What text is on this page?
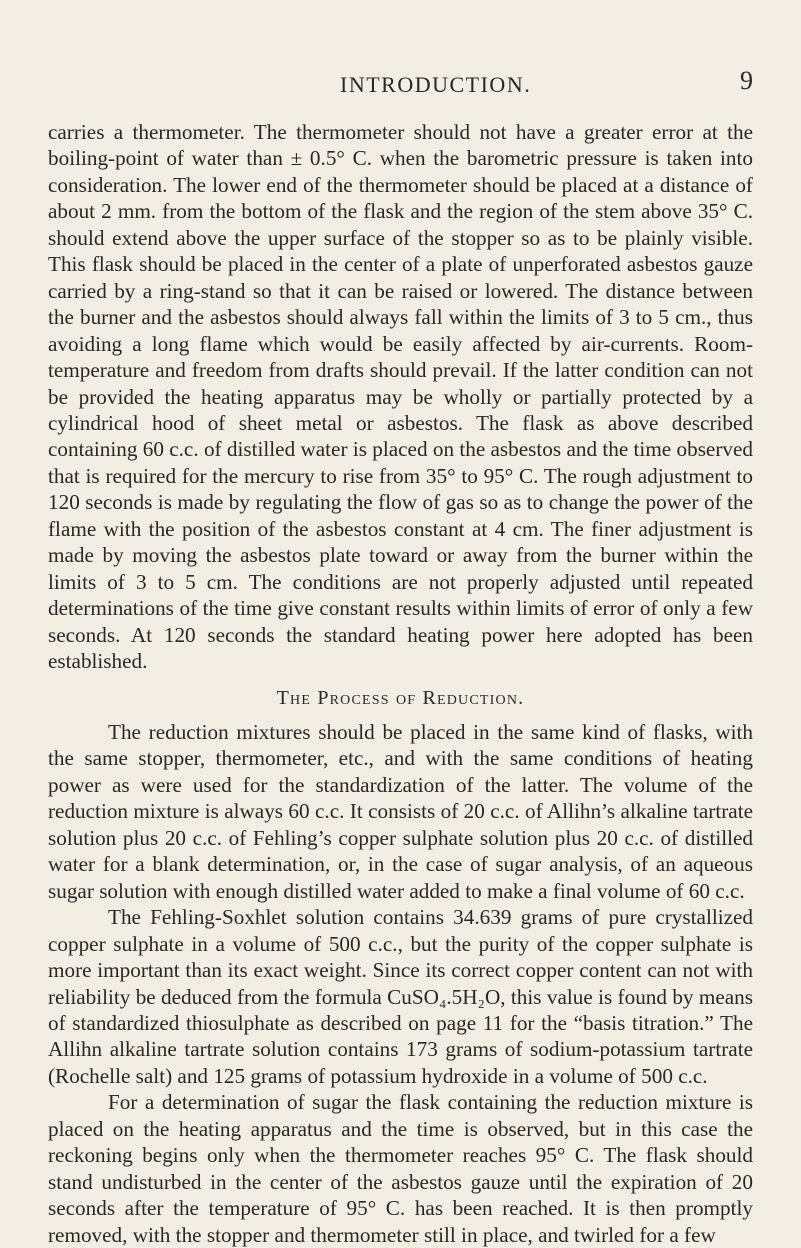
INTRODUCTION.	9

carries a thermometer. The thermometer should not have a greater error at the boiling-point of water than ± 0.5° C. when the barometric pressure is taken into consideration. The lower end of the thermometer should be placed at a distance of about 2 mm. from the bottom of the flask and the region of the stem above 35° C. should extend above the upper surface of the stopper so as to be plainly visible. This flask should be placed in the center of a plate of unperforated asbestos gauze carried by a ring-stand so that it can be raised or lowered. The distance between the burner and the asbestos should always fall within the limits of 3 to 5 cm., thus avoiding a long flame which would be easily affected by air-currents. Room-temperature and freedom from drafts should prevail. If the latter condition can not be provided the heating apparatus may be wholly or partially protected by a cylindrical hood of sheet metal or asbestos. The flask as above described containing 60 c.c. of distilled water is placed on the asbestos and the time observed that is required for the mercury to rise from 35° to 95° C. The rough adjustment to 120 seconds is made by regulating the flow of gas so as to change the power of the flame with the position of the asbestos constant at 4 cm. The finer adjustment is made by moving the asbestos plate toward or away from the burner within the limits of 3 to 5 cm. The conditions are not properly adjusted until repeated determinations of the time give constant results within limits of error of only a few seconds. At 120 seconds the standard heating power here adopted has been established.

The Process of Reduction.

The reduction mixtures should be placed in the same kind of flasks, with the same stopper, thermometer, etc., and with the same conditions of heating power as were used for the standardization of the latter. The volume of the reduction mixture is always 60 c.c. It consists of 20 c.c. of Allihn’s alkaline tartrate solution plus 20 c.c. of Fehling’s copper sulphate solution plus 20 c.c. of distilled water for a blank determination, or, in the case of sugar analysis, of an aqueous sugar solution with enough distilled water added to make a final volume of 60 c.c.

The Fehling-Soxhlet solution contains 34.639 grams of pure crystallized copper sulphate in a volume of 500 c.c., but the purity of the copper sulphate is more important than its exact weight. Since its correct copper content can not with reliability be deduced from the formula CuSO₄.5H₂O, this value is found by means of standardized thiosulphate as described on page 11 for the “basis titration.” The Allihn alkaline tartrate solution contains 173 grams of sodium-potassium tartrate (Rochelle salt) and 125 grams of potassium hydroxide in a volume of 500 c.c.

For a determination of sugar the flask containing the reduction mixture is placed on the heating apparatus and the time is observed, but in this case the reckoning begins only when the thermometer reaches 95° C. The flask should stand undisturbed in the center of the asbestos gauze until the expiration of 20 seconds after the temperature of 95° C. has been reached. It is then promptly removed, with the stopper and thermometer still in place, and twirled for a few
